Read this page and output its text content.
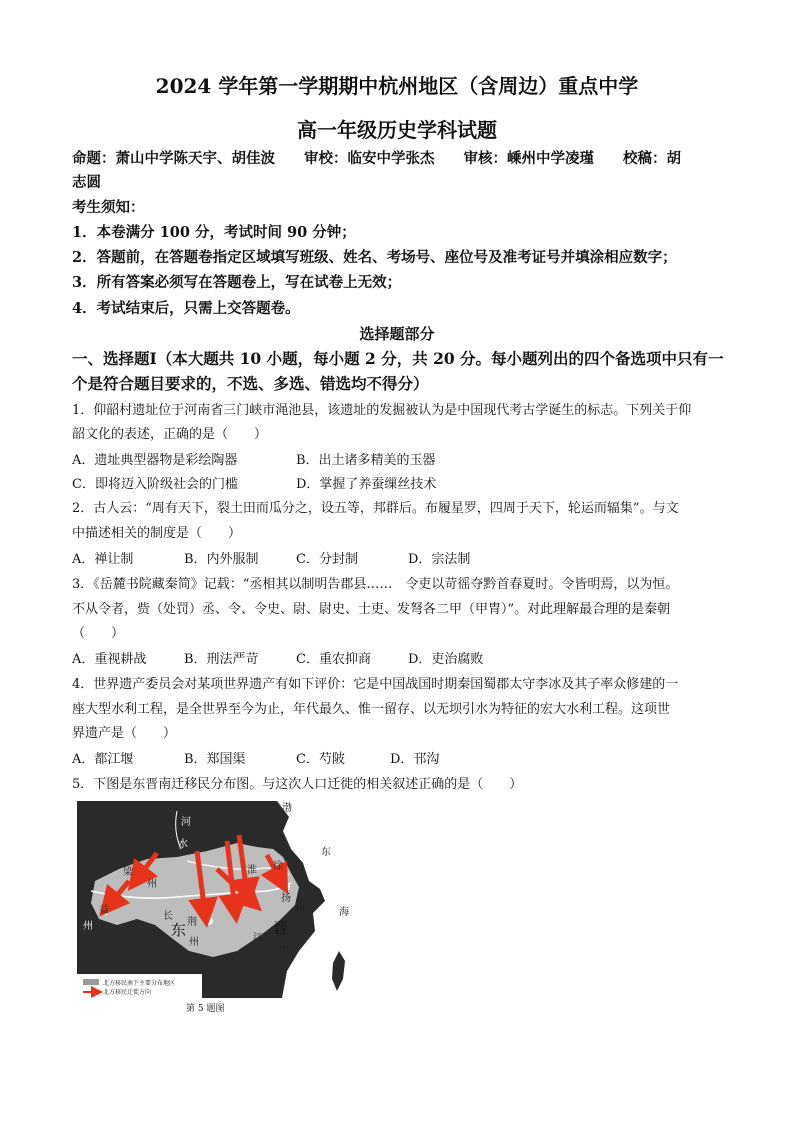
2024 学年第一学期期中杭州地区（含周边）重点中学
高一年级历史学科试题
命题：萧山中学陈天宇、胡佳波　　审校：临安中学张杰　　审核：嵊州中学凌瑾　　校稿：胡
志圆
考生须知：
1．本卷满分 100 分，考试时间 90 分钟；
2．答题前，在答题卷指定区域填写班级、姓名、考场号、座位号及准考证号并填涂相应数字；
3．所有答案必须写在答题卷上，写在试卷上无效；
4．考试结束后，只需上交答题卷。
选择题部分
一、选择题Ⅰ（本大题共 10 小题，每小题 2 分，共 20 分。每小题列出的四个备选项中只有一
个是符合题目要求的，不选、多选、错选均不得分）
1．仰韶村遗址位于河南省三门峡市渑池县，该遗址的发掘被认为是中国现代考古学诞生的标志。下列关于仰
韶文化的表述，正确的是（　　）
A．遗址典型器物是彩绘陶器	B．出土诸多精美的玉器
C．即将迈入阶级社会的门槛	D．掌握了养蚕缫丝技术
2．古人云：“周有天下，裂土田而瓜分之，设五等，邦群后。布履星罗，四周于天下，轮运而辐集”。与文
中描述相关的制度是（　　）
A．禅让制	B．内外服制	C．分封制	D．宗法制
3．《岳麓书院藏秦简》记载：“丞相其以制明告郡县……　令吏以苛徭夺黔首春夏时。令皆明焉，以为恒。
不从令者，赀（处罚）丞、令、令史、尉、尉史、士吏、发弩各二甲（甲胄）”。对此理解最合理的是秦朝
（　　）
A．重视耕战	B．刑法严苛	C．重农抑商	D．吏治腐败
4．世界遗产委员会对某项世界遗产有如下评价：它是中国战国时期秦国蜀郡太守李冰及其子率众修建的一
座大型水利工程，是全世界至今为止，年代最久、惟一留存、以无坝引水为特征的宏大水利工程。这项世
界遗产是（　　）
A．都江堰	B．郑国渠	C．芍陂	D．邗沟
5．下图是东晋南迁移民分布图。与这次人口迁徙的相关叙述正确的是（　　）
渤
河
水
东
梁
州
益
州
长
东 荆
州
淮 徐
扬
州	海
江
晋
州
北方移民南下主要分布地区
北方移民迁徙方向
第 5 题图
